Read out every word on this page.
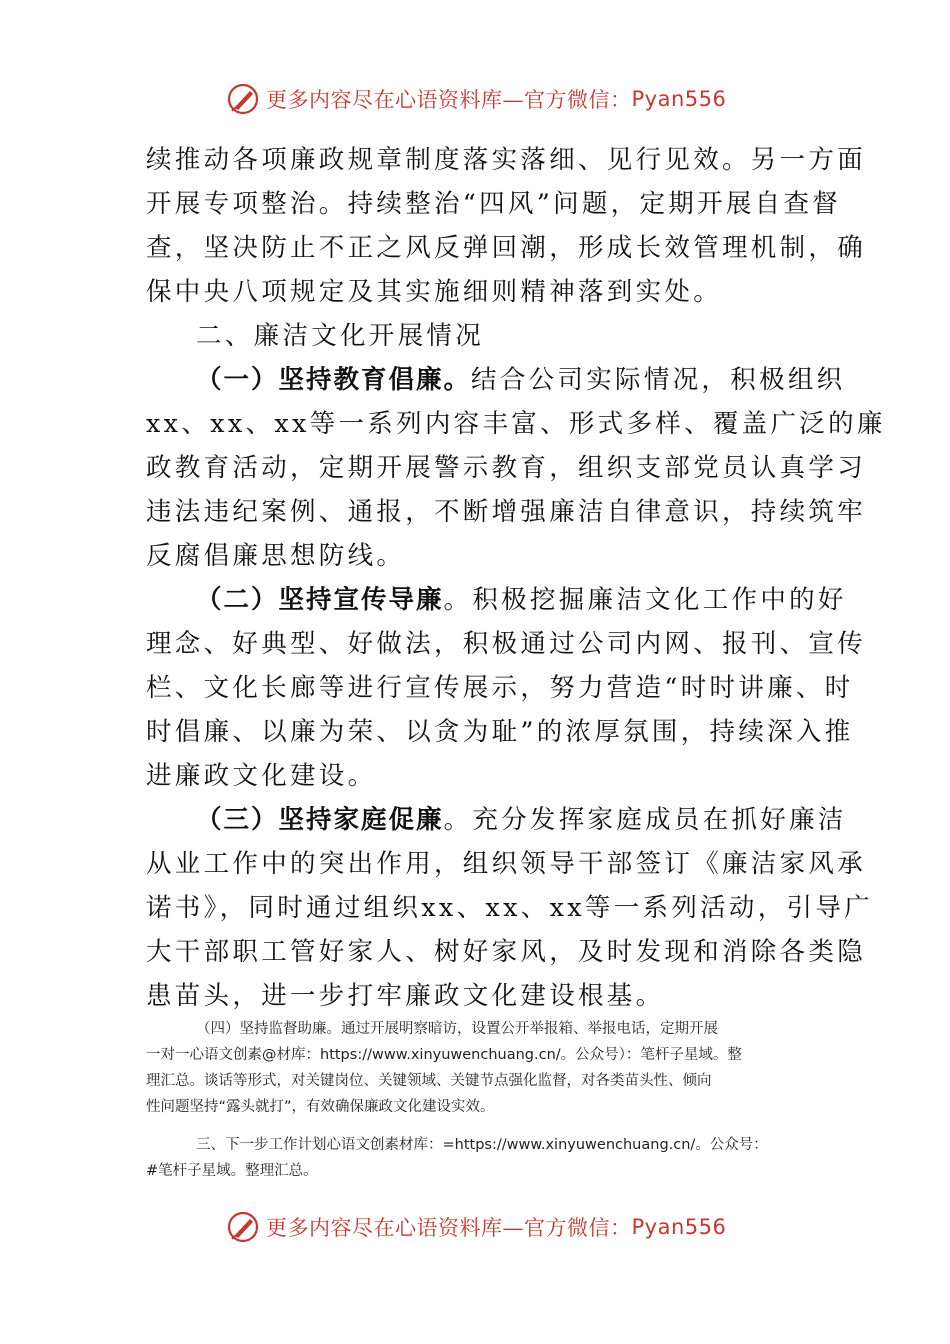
更多内容尽在心语资料库—官方微信： Pyan556
续推动各项廉政规章制度落实落细、见行见效。另一方面
开展专项整治。持续整治“四风”问题，定期开展自查督
查，坚决防止不正之风反弹回潮，形成长效管理机制，确
保中央八项规定及其实施细则精神落到实处。
二、廉洁文化开展情况
（一）坚持教育倡廉。结合公司实际情况，积极组织
xx、xx、xx等一系列内容丰富、形式多样、覆盖广泛的廉
政教育活动，定期开展警示教育，组织支部党员认真学习
违法违纪案例、通报，不断增强廉洁自律意识，持续筑牢
反腐倡廉思想防线。
（二）坚持宣传导廉。积极挖掘廉洁文化工作中的好
理念、好典型、好做法，积极通过公司内网、报刊、宣传
栏、文化长廊等进行宣传展示，努力营造“时时讲廉、时
时倡廉、以廉为荣、以贪为耻”的浓厚氛围，持续深入推
进廉政文化建设。
（三）坚持家庭促廉。充分发挥家庭成员在抓好廉洁
从业工作中的突出作用，组织领导干部签订《廉洁家风承
诺书》，同时通过组织xx、xx、xx等一系列活动，引导广
大干部职工管好家人、树好家风，及时发现和消除各类隐
患苗头，进一步打牢廉政文化建设根基。
（四）坚持监督助廉。通过开展明察暗访，设置公开举报箱、举报电话，定期开展
一对一心语文创素@材库：https://www.xinyuwenchuang.cn/。公众号）：笔杆子星域。整
理汇总。谈话等形式，对关键岗位、关键领域、关键节点强化监督，对各类苗头性、倾向
性问题坚持“露头就打”，有效确保廉政文化建设实效。
三、下一步工作计划心语文创素材库：=https://www.xinyuwenchuang.cn/。公众号：
#笔杆子星域。整理汇总。
更多内容尽在心语资料库—官方微信： Pyan556
